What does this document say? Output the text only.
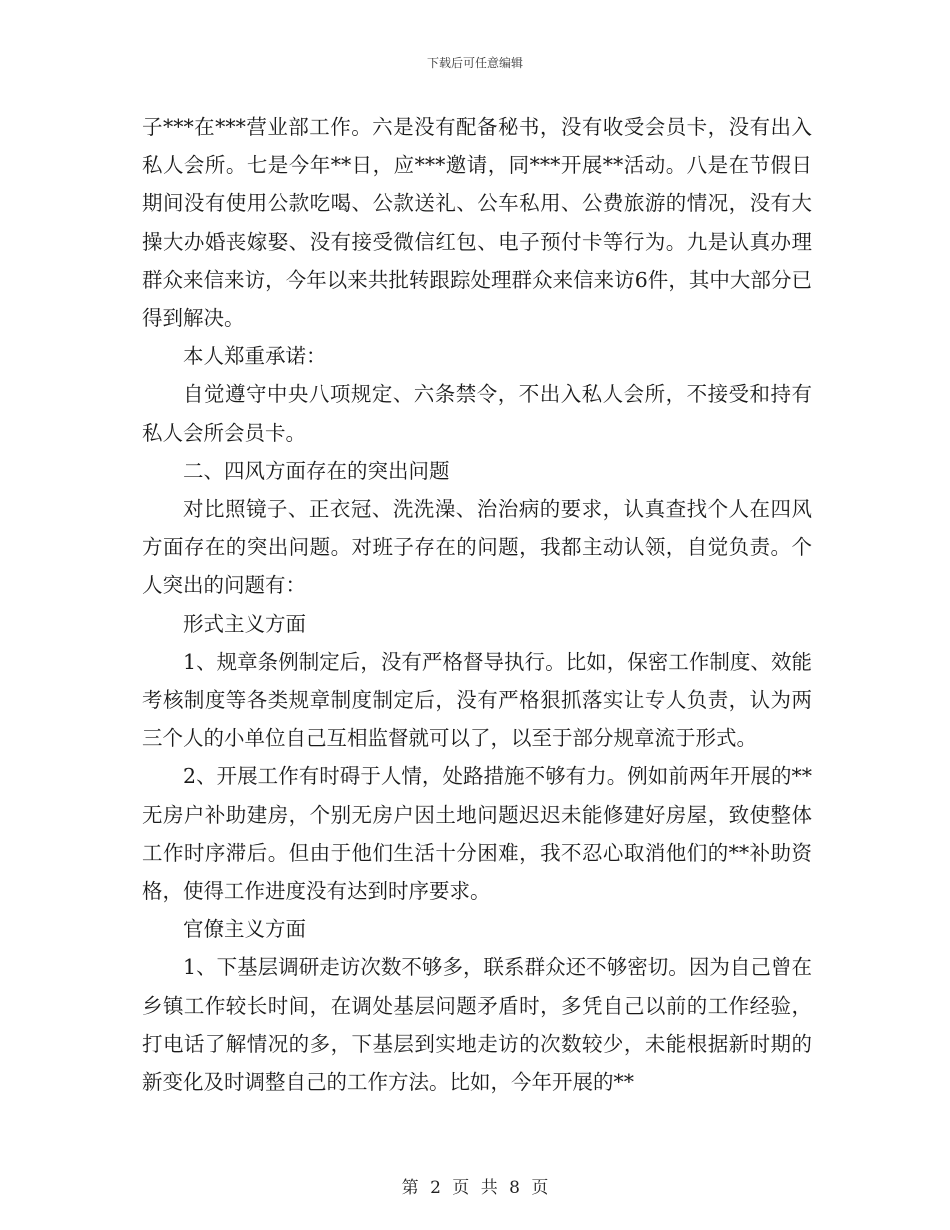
下载后可任意编辑

子***在***营业部工作。六是没有配备秘书，没有收受会员卡，没有出入私人会所。七是今年**日，应***邀请，同***开展**活动。八是在节假日期间没有使用公款吃喝、公款送礼、公车私用、公费旅游的情况，没有大操大办婚丧嫁娶、没有接受微信红包、电子预付卡等行为。九是认真办理群众来信来访，今年以来共批转跟踪处理群众来信来访6件，其中大部分已得到解决。

本人郑重承诺：

自觉遵守中央八项规定、六条禁令，不出入私人会所，不接受和持有私人会所会员卡。

二、四风方面存在的突出问题

对比照镜子、正衣冠、洗洗澡、治治病的要求，认真查找个人在四风方面存在的突出问题。对班子存在的问题，我都主动认领，自觉负责。个人突出的问题有：

形式主义方面

1、规章条例制定后，没有严格督导执行。比如，保密工作制度、效能考核制度等各类规章制度制定后，没有严格狠抓落实让专人负责，认为两三个人的小单位自己互相监督就可以了，以至于部分规章流于形式。

2、开展工作有时碍于人情，处路措施不够有力。例如前两年开展的**无房户补助建房，个别无房户因土地问题迟迟未能修建好房屋，致使整体工作时序滞后。但由于他们生活十分困难，我不忍心取消他们的**补助资格，使得工作进度没有达到时序要求。

官僚主义方面

1、下基层调研走访次数不够多，联系群众还不够密切。因为自己曾在乡镇工作较长时间，在调处基层问题矛盾时，多凭自己以前的工作经验，打电话了解情况的多，下基层到实地走访的次数较少，未能根据新时期的新变化及时调整自己的工作方法。比如，今年开展的**

第 2 页 共 8 页
